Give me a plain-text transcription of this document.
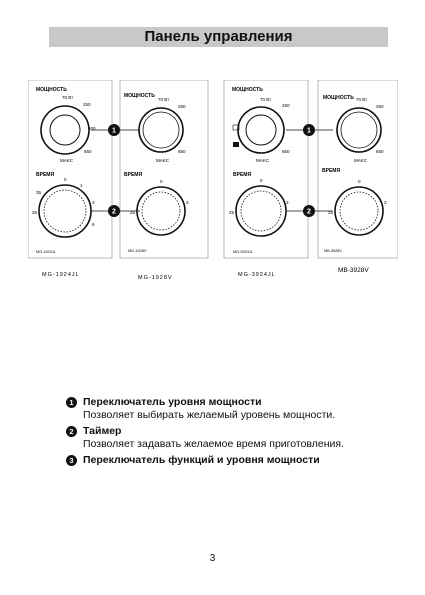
Панель управления
МОЩНОСТЬ
70 Вт
250
500
650
MAKC
ВРЕМЯ
0
1
3
6
25
35
MG-1924JL
1
2
МОЩНОСТЬ
70 Вт
250
650
MAKC
ВРЕМЯ
0
3
25
MG-1928V
МОЩНОСТЬ
70 Вт
250
650
MAKC
ВРЕМЯ
0
3
25
MG-3924JL
1
2
МОЩНОСТЬ 70 Вт
250
650
MAKC
ВРЕМЯ
0
3
25
MB-3928V
MG-1924JL	MG-1928V	MG-3924JL
MB-3928V
1 Переключатель уровня мощности
Позволяет выбирать желаемый уровень мощности.
2 Таймер
Позволяет задавать желаемое время приготовления.
3 Переключатель функций и уровня мощности
3
